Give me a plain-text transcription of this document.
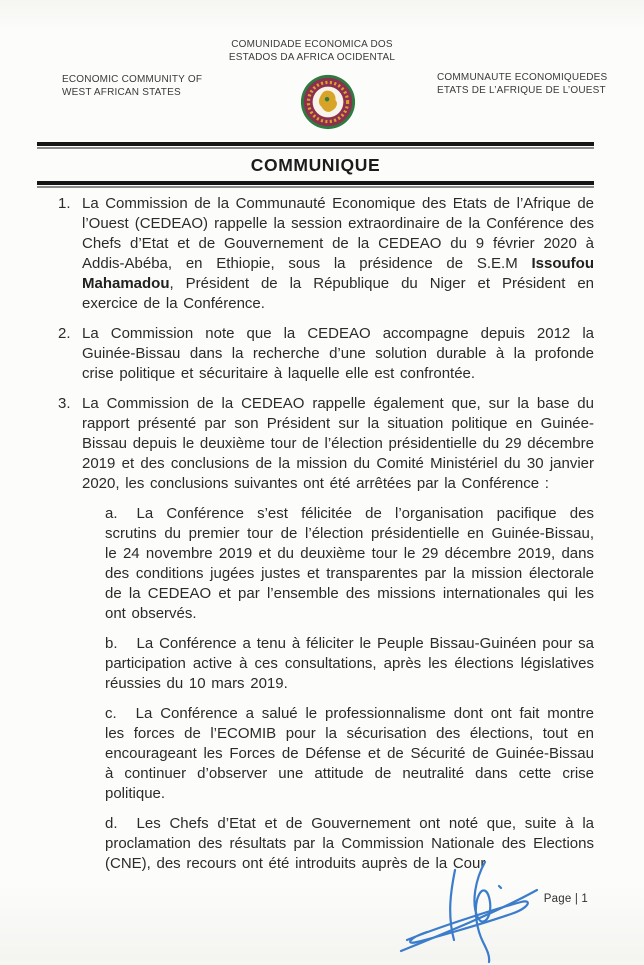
ECONOMIC COMMUNITY OF
WEST AFRICAN STATES
COMUNIDADE ECONOMICA DOS
ESTADOS DA AFRICA OCIDENTAL
COMMUNAUTE ECONOMIQUEDES
ETATS DE L’AFRIQUE DE L’OUEST
COMMUNIQUE
1. La Commission de la Communauté Economique des Etats de l’Afrique de l’Ouest (CEDEAO) rappelle la session extraordinaire de la Conférence des Chefs d’Etat et de Gouvernement de la CEDEAO du 9 février 2020 à Addis-Abéba, en Ethiopie, sous la présidence de S.E.M Issoufou Mahamadou, Président de la République du Niger et Président en exercice de la Conférence.
2. La Commission note que la CEDEAO accompagne depuis 2012 la Guinée-Bissau dans la recherche d’une solution durable à la profonde crise politique et sécuritaire à laquelle elle est confrontée.
3. La Commission de la CEDEAO rappelle également que, sur la base du rapport présenté par son Président sur la situation politique en Guinée-Bissau depuis le deuxième tour de l’élection présidentielle du 29 décembre 2019 et des conclusions de la mission du Comité Ministériel du 30 janvier 2020, les conclusions suivantes ont été arrêtées par la Conférence :
a. La Conférence s’est félicitée de l’organisation pacifique des scrutins du premier tour de l’élection présidentielle en Guinée-Bissau, le 24 novembre 2019 et du deuxième tour le 29 décembre 2019, dans des conditions jugées justes et transparentes par la mission électorale de la CEDEAO et par l’ensemble des missions internationales qui les ont observés.
b. La Conférence a tenu à féliciter le Peuple Bissau-Guinéen pour sa participation active à ces consultations, après les élections législatives réussies du 10 mars 2019.
c. La Conférence a salué le professionnalisme dont ont fait montre les forces de l’ECOMIB pour la sécurisation des élections, tout en encourageant les Forces de Défense et de Sécurité de Guinée-Bissau à continuer d’observer une attitude de neutralité dans cette crise politique.
d. Les Chefs d’Etat et de Gouvernement ont noté que, suite à la proclamation des résultats par la Commission Nationale des Elections (CNE), des recours ont été introduits auprès de la Cour
Page | 1
